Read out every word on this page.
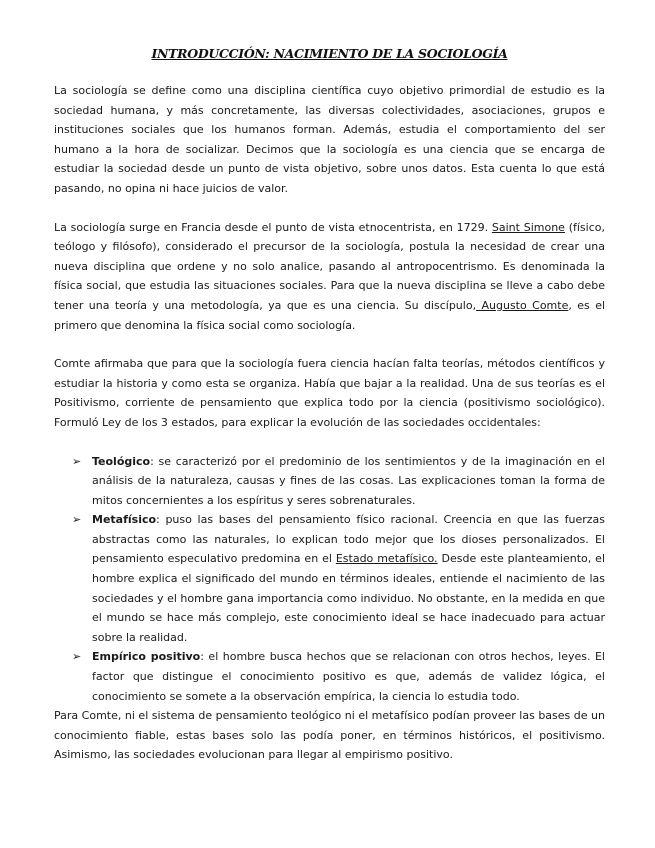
INTRODUCCIÓN: NACIMIENTO DE LA SOCIOLOGÍA

La sociología se define como una disciplina científica cuyo objetivo primordial de estudio es la sociedad humana, y más concretamente, las diversas colectividades, asociaciones, grupos e instituciones sociales que los humanos forman. Además, estudia el comportamiento del ser humano a la hora de socializar. Decimos que la sociología es una ciencia que se encarga de estudiar la sociedad desde un punto de vista objetivo, sobre unos datos. Esta cuenta lo que está pasando, no opina ni hace juicios de valor.

La sociología surge en Francia desde el punto de vista etnocentrista, en 1729. Saint Simone (físico, teólogo y filósofo), considerado el precursor de la sociología, postula la necesidad de crear una nueva disciplina que ordene y no solo analice, pasando al antropocentrismo. Es denominada la física social, que estudia las situaciones sociales. Para que la nueva disciplina se lleve a cabo debe tener una teoría y una metodología, ya que es una ciencia. Su discípulo, Augusto Comte, es el primero que denomina la física social como sociología.

Comte afirmaba que para que la sociología fuera ciencia hacían falta teorías, métodos científicos y estudiar la historia y como esta se organiza. Había que bajar a la realidad. Una de sus teorías es el Positivismo, corriente de pensamiento que explica todo por la ciencia (positivismo sociológico). Formuló Ley de los 3 estados, para explicar la evolución de las sociedades occidentales:

➢ Teológico: se caracterizó por el predominio de los sentimientos y de la imaginación en el análisis de la naturaleza, causas y fines de las cosas. Las explicaciones toman la forma de mitos concernientes a los espíritus y seres sobrenaturales.
➢ Metafísico: puso las bases del pensamiento físico racional. Creencia en que las fuerzas abstractas como las naturales, lo explican todo mejor que los dioses personalizados. El pensamiento especulativo predomina en el Estado metafísico. Desde este planteamiento, el hombre explica el significado del mundo en términos ideales, entiende el nacimiento de las sociedades y el hombre gana importancia como individuo. No obstante, en la medida en que el mundo se hace más complejo, este conocimiento ideal se hace inadecuado para actuar sobre la realidad.
➢ Empírico positivo: el hombre busca hechos que se relacionan con otros hechos, leyes. El factor que distingue el conocimiento positivo es que, además de validez lógica, el conocimiento se somete a la observación empírica, la ciencia lo estudia todo.

Para Comte, ni el sistema de pensamiento teológico ni el metafísico podían proveer las bases de un conocimiento fiable, estas bases solo las podía poner, en términos históricos, el positivismo. Asimismo, las sociedades evolucionan para llegar al empirismo positivo.
